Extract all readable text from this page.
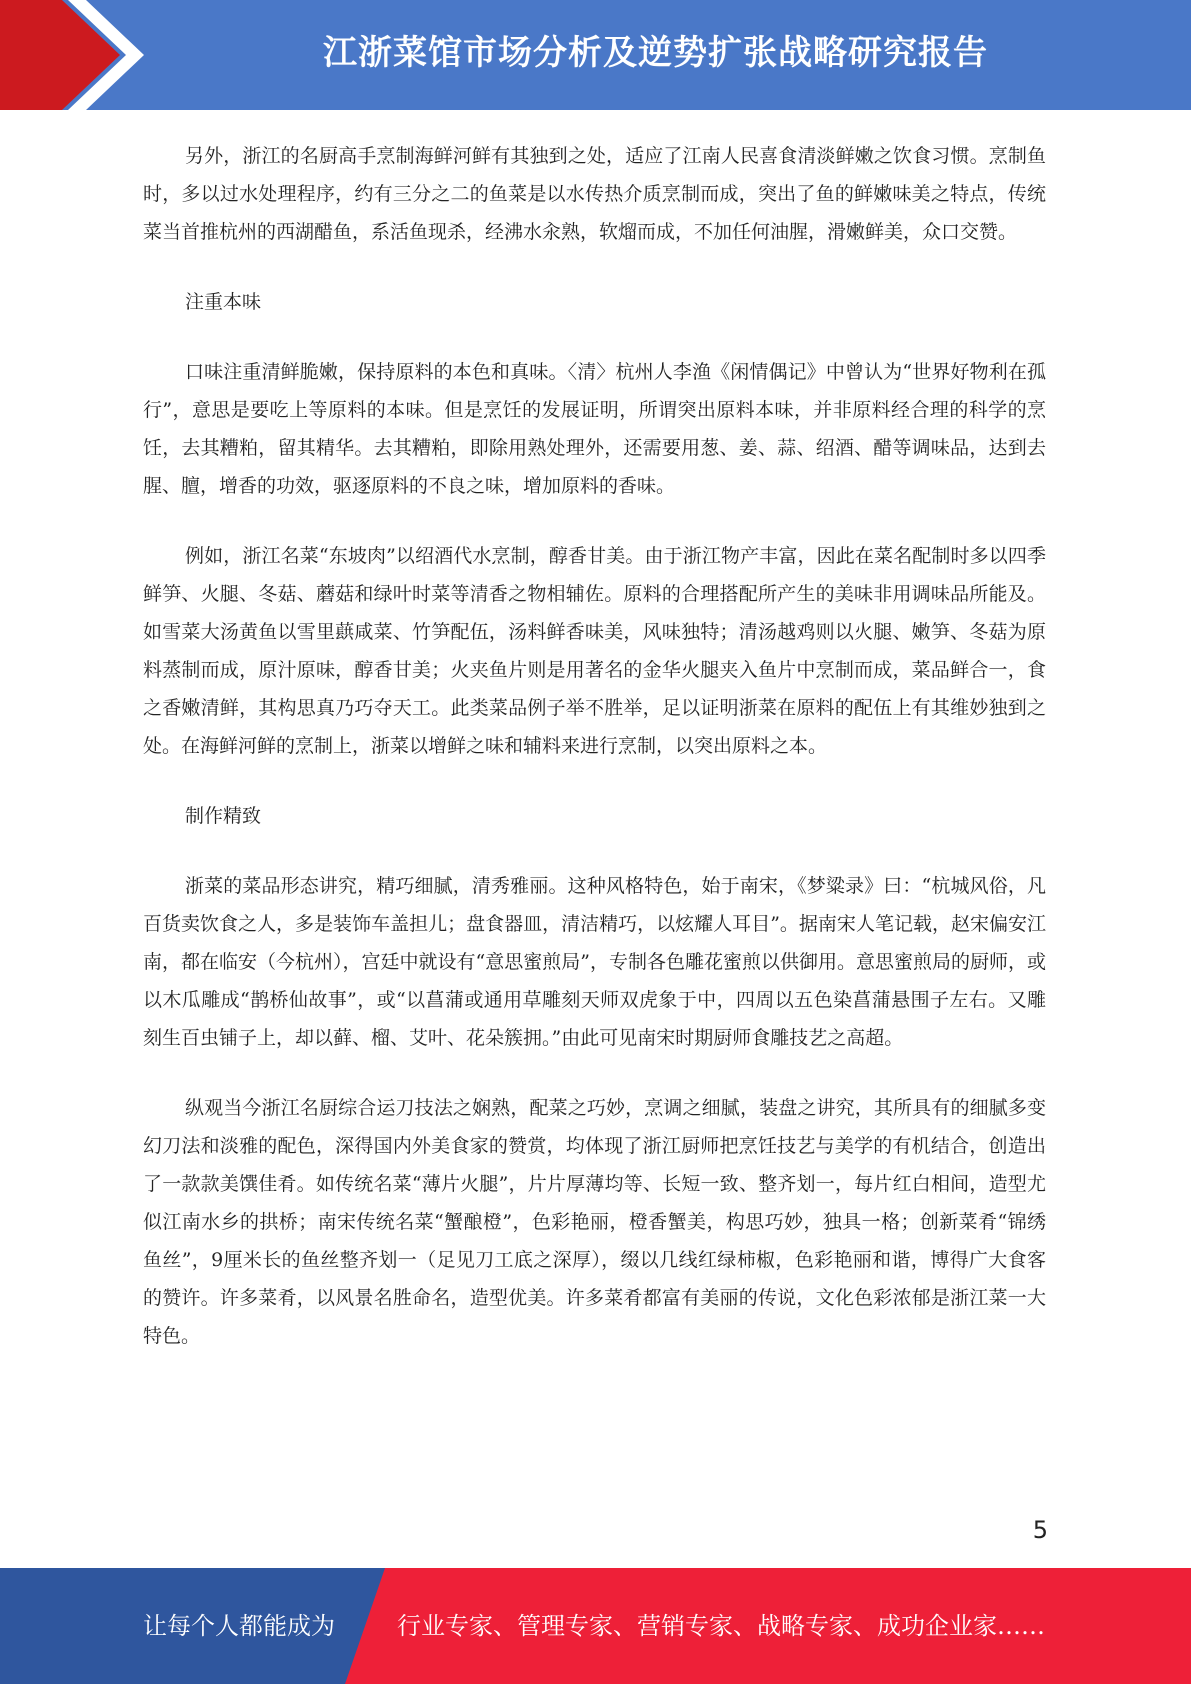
江浙菜馆市场分析及逆势扩张战略研究报告

另外，浙江的名厨高手烹制海鲜河鲜有其独到之处，适应了江南人民喜食清淡鲜嫩之饮食习惯。烹制鱼时，多以过水处理程序，约有三分之二的鱼菜是以水传热介质烹制而成，突出了鱼的鲜嫩味美之特点，传统菜当首推杭州的西湖醋鱼，系活鱼现杀，经沸水汆熟，软熘而成，不加任何油腥，滑嫩鲜美，众口交赞。

注重本味

口味注重清鲜脆嫩，保持原料的本色和真味。〈清〉杭州人李渔《闲情偶记》中曾认为“世界好物利在孤行”，意思是要吃上等原料的本味。但是烹饪的发展证明，所谓突出原料本味，并非原料经合理的科学的烹饪，去其糟粕，留其精华。去其糟粕，即除用熟处理外，还需要用葱、姜、蒜、绍酒、醋等调味品，达到去腥、膻，增香的功效，驱逐原料的不良之味，增加原料的香味。

例如，浙江名菜“东坡肉”以绍酒代水烹制，醇香甘美。由于浙江物产丰富，因此在菜名配制时多以四季鲜笋、火腿、冬菇、蘑菇和绿叶时菜等清香之物相辅佐。原料的合理搭配所产生的美味非用调味品所能及。如雪菜大汤黄鱼以雪里蕻咸菜、竹笋配伍，汤料鲜香味美，风味独特；清汤越鸡则以火腿、嫩笋、冬菇为原料蒸制而成，原汁原味，醇香甘美；火夹鱼片则是用著名的金华火腿夹入鱼片中烹制而成，菜品鲜合一，食之香嫩清鲜，其构思真乃巧夺天工。此类菜品例子举不胜举，足以证明浙菜在原料的配伍上有其维妙独到之处。在海鲜河鲜的烹制上，浙菜以增鲜之味和辅料来进行烹制，以突出原料之本。

制作精致

浙菜的菜品形态讲究，精巧细腻，清秀雅丽。这种风格特色，始于南宋，《梦粱录》曰：“杭城风俗，凡百货卖饮食之人，多是装饰车盖担儿；盘食器皿，清洁精巧，以炫耀人耳目”。据南宋人笔记载，赵宋偏安江南，都在临安（今杭州），宫廷中就设有“意思蜜煎局”，专制各色雕花蜜煎以供御用。意思蜜煎局的厨师，或以木瓜雕成“鹊桥仙故事”，或“以菖蒲或通用草雕刻天师双虎象于中，四周以五色染菖蒲悬围子左右。又雕刻生百虫铺子上，却以藓、榴、艾叶、花朵簇拥。”由此可见南宋时期厨师食雕技艺之高超。

纵观当今浙江名厨综合运刀技法之娴熟，配菜之巧妙，烹调之细腻，装盘之讲究，其所具有的细腻多变幻刀法和淡雅的配色，深得国内外美食家的赞赏，均体现了浙江厨师把烹饪技艺与美学的有机结合，创造出了一款款美馔佳肴。如传统名菜“薄片火腿”，片片厚薄均等、长短一致、整齐划一，每片红白相间，造型尤似江南水乡的拱桥；南宋传统名菜“蟹酿橙”，色彩艳丽，橙香蟹美，构思巧妙，独具一格；创新菜肴“锦绣鱼丝”，9厘米长的鱼丝整齐划一（足见刀工底之深厚），缀以几线红绿柿椒，色彩艳丽和谐，博得广大食客的赞许。许多菜肴，以风景名胜命名，造型优美。许多菜肴都富有美丽的传说，文化色彩浓郁是浙江菜一大特色。

5
让每个人都能成为	行业专家、管理专家、营销专家、战略专家、成功企业家……
